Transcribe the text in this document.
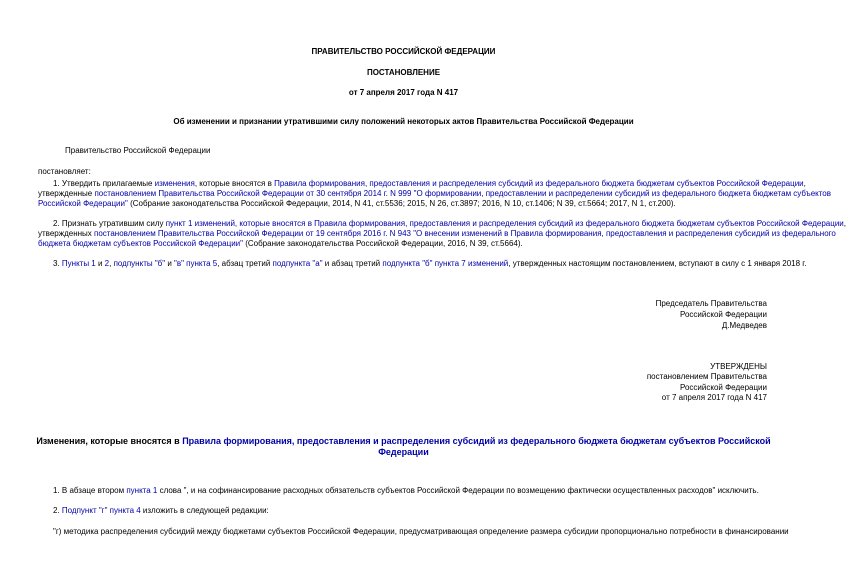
ПРАВИТЕЛЬСТВО РОССИЙСКОЙ ФЕДЕРАЦИИ
ПОСТАНОВЛЕНИЕ
от 7 апреля 2017 года N 417
Об изменении и признании утратившими силу положений некоторых актов Правительства Российской Федерации
Правительство Российской Федерации
постановляет:
1. Утвердить прилагаемые изменения, которые вносятся в Правила формирования, предоставления и распределения субсидий из федерального бюджета бюджетам субъектов Российской Федерации,
утвержденные постановлением Правительства Российской Федерации от 30 сентября 2014 г. N 999 "О формировании, предоставлении и распределении субсидий из федерального бюджета бюджетам субъектов
Российской Федерации" (Собрание законодательства Российской Федерации, 2014, N 41, ст.5536; 2015, N 26, ст.3897; 2016, N 10, ст.1406; N 39, ст.5664; 2017, N 1, ст.200).
2. Признать утратившим силу пункт 1 изменений, которые вносятся в Правила формирования, предоставления и распределения субсидий из федерального бюджета бюджетам субъектов Российской Федерации,
утвержденных постановлением Правительства Российской Федерации от 19 сентября 2016 г. N 943 "О внесении изменений в Правила формирования, предоставления и распределения субсидий из федерального
бюджета бюджетам субъектов Российской Федерации" (Собрание законодательства Российской Федерации, 2016, N 39, ст.5664).
3. Пункты 1 и 2, подпункты "б" и "в" пункта 5, абзац третий подпункта "а" и абзац третий подпункта "б" пункта 7 изменений, утвержденных настоящим постановлением, вступают в силу с 1 января 2018 г.
Председатель Правительства
Российской Федерации
Д.Медведев
УТВЕРЖДЕНЫ
постановлением Правительства
Российской Федерации
от 7 апреля 2017 года N 417
Изменения, которые вносятся в Правила формирования, предоставления и распределения субсидий из федерального бюджета бюджетам субъектов Российской
Федерации
1. В абзаце втором пункта 1 слова ", и на софинансирование расходных обязательств субъектов Российской Федерации по возмещению фактически осуществленных расходов" исключить.
2. Подпункт "г" пункта 4 изложить в следующей редакции:
"г) методика распределения субсидий между бюджетами субъектов Российской Федерации, предусматривающая определение размера субсидии пропорционально потребности в финансировании
